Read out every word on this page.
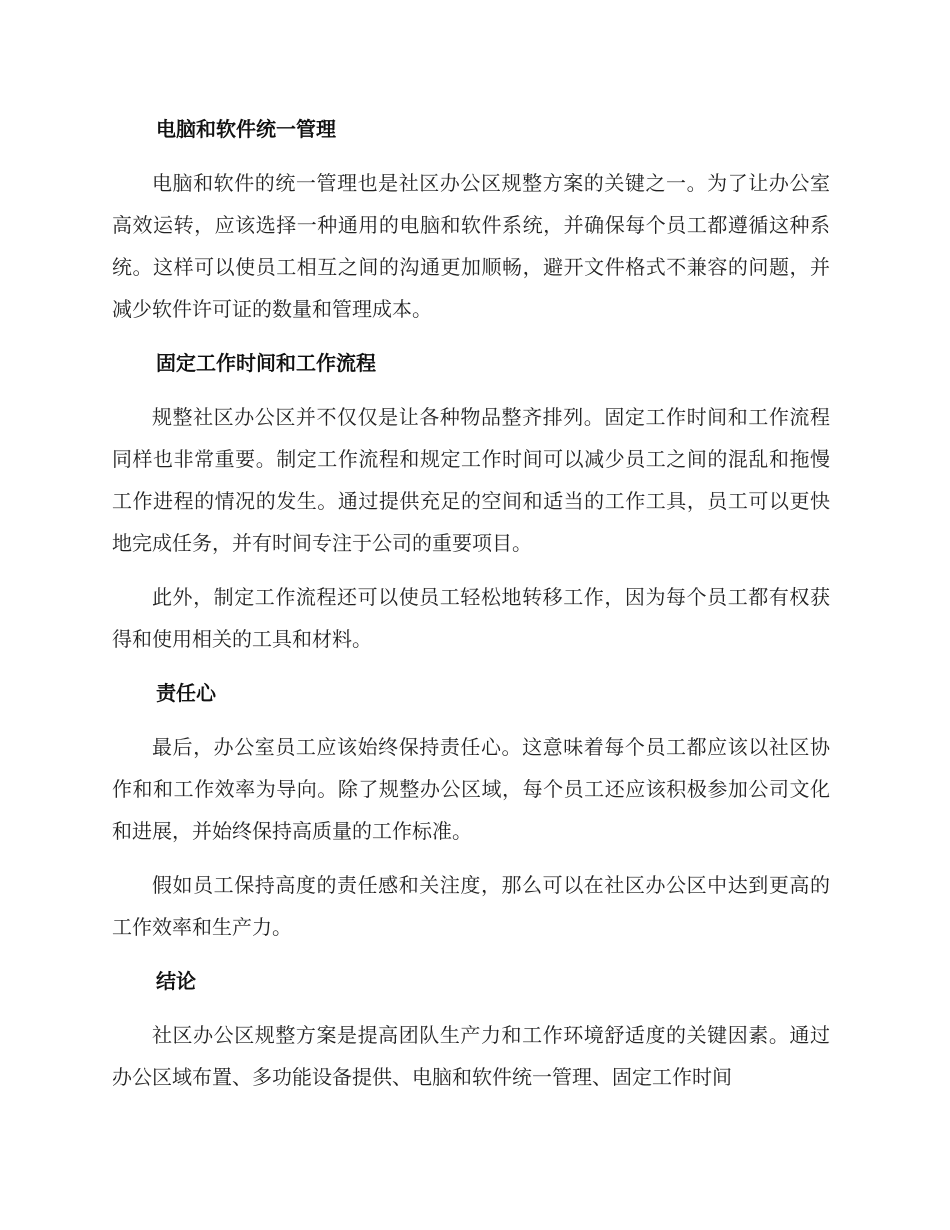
电脑和软件统一管理

电脑和软件的统一管理也是社区办公区规整方案的关键之一。为了让办公室高效运转，应该选择一种通用的电脑和软件系统，并确保每个员工都遵循这种系统。这样可以使员工相互之间的沟通更加顺畅，避开文件格式不兼容的问题，并减少软件许可证的数量和管理成本。

固定工作时间和工作流程

规整社区办公区并不仅仅是让各种物品整齐排列。固定工作时间和工作流程同样也非常重要。制定工作流程和规定工作时间可以减少员工之间的混乱和拖慢工作进程的情况的发生。通过提供充足的空间和适当的工作工具，员工可以更快地完成任务，并有时间专注于公司的重要项目。

此外，制定工作流程还可以使员工轻松地转移工作，因为每个员工都有权获得和使用相关的工具和材料。

责任心

最后，办公室员工应该始终保持责任心。这意味着每个员工都应该以社区协作和和工作效率为导向。除了规整办公区域，每个员工还应该积极参加公司文化和进展，并始终保持高质量的工作标准。

假如员工保持高度的责任感和关注度，那么可以在社区办公区中达到更高的工作效率和生产力。

结论

社区办公区规整方案是提高团队生产力和工作环境舒适度的关键因素。通过办公区域布置、多功能设备提供、电脑和软件统一管理、固定工作时间
